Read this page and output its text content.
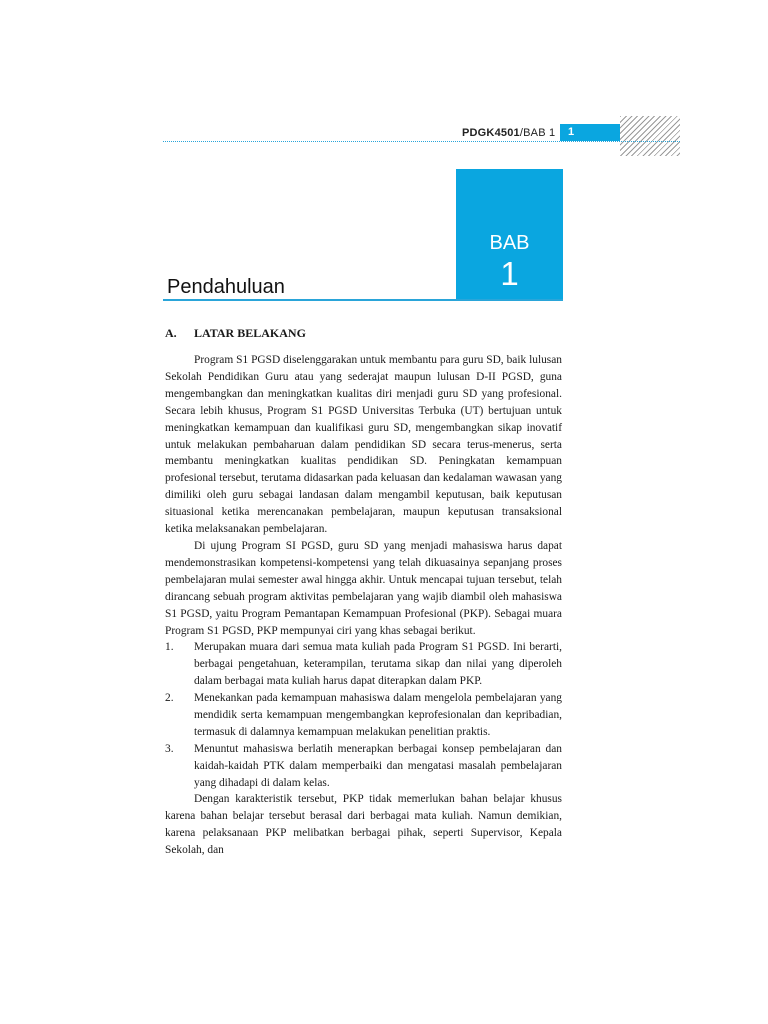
PDGK4501/BAB 1	1
BAB
1
Pendahuluan
A. LATAR BELAKANG

Program S1 PGSD diselenggarakan untuk membantu para guru SD, baik lulusan Sekolah Pendidikan Guru atau yang sederajat maupun lulusan D-II PGSD, guna mengembangkan dan meningkatkan kualitas diri menjadi guru SD yang profesional. Secara lebih khusus, Program S1 PGSD Universitas Terbuka (UT) bertujuan untuk meningkatkan kemampuan dan kualifikasi guru SD, mengembangkan sikap inovatif untuk melakukan pembaharuan dalam pendidikan SD secara terus-menerus, serta membantu meningkatkan kualitas pendidikan SD. Peningkatan kemampuan profesional tersebut, terutama didasarkan pada keluasan dan kedalaman wawasan yang dimiliki oleh guru sebagai landasan dalam mengambil keputusan, baik keputusan situasional ketika merencanakan pembelajaran, maupun keputusan transaksional ketika melaksanakan pembelajaran.

Di ujung Program SI PGSD, guru SD yang menjadi mahasiswa harus dapat mendemonstrasikan kompetensi-kompetensi yang telah dikuasainya sepanjang proses pembelajaran mulai semester awal hingga akhir. Untuk mencapai tujuan tersebut, telah dirancang sebuah program aktivitas pembelajaran yang wajib diambil oleh mahasiswa S1 PGSD, yaitu Program Pemantapan Kemampuan Profesional (PKP). Sebagai muara Program S1 PGSD, PKP mempunyai ciri yang khas sebagai berikut.

1. Merupakan muara dari semua mata kuliah pada Program S1 PGSD. Ini berarti, berbagai pengetahuan, keterampilan, terutama sikap dan nilai yang diperoleh dalam berbagai mata kuliah harus dapat diterapkan dalam PKP.
2. Menekankan pada kemampuan mahasiswa dalam mengelola pembelajaran yang mendidik serta kemampuan mengembangkan keprofesionalan dan kepribadian, termasuk di dalamnya kemampuan melakukan penelitian praktis.
3. Menuntut mahasiswa berlatih menerapkan berbagai konsep pembelajaran dan kaidah-kaidah PTK dalam memperbaiki dan mengatasi masalah pembelajaran yang dihadapi di dalam kelas.

Dengan karakteristik tersebut, PKP tidak memerlukan bahan belajar khusus karena bahan belajar tersebut berasal dari berbagai mata kuliah. Namun demikian, karena pelaksanaan PKP melibatkan berbagai pihak, seperti Supervisor, Kepala Sekolah, dan
